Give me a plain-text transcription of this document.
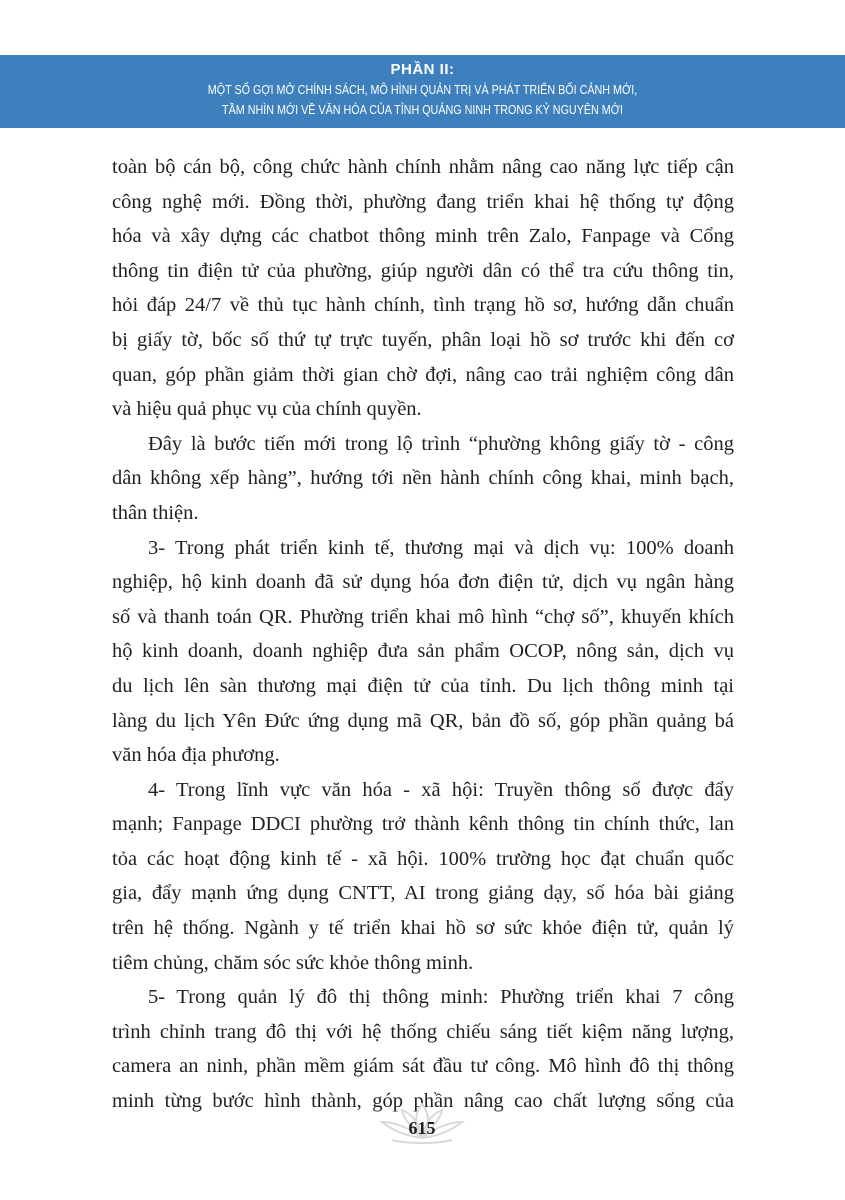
PHẦN II:
MỘT SỐ GỢI MỞ CHÍNH SÁCH, MÔ HÌNH QUẢN TRỊ VÀ PHÁT TRIỂN BỐI CẢNH MỚI,
TẦM NHÌN MỚI VỀ VĂN HÓA CỦA TỈNH QUẢNG NINH TRONG KỶ NGUYÊN MỚI
toàn bộ cán bộ, công chức hành chính nhằm nâng cao năng lực tiếp cận
công nghệ mới. Đồng thời, phường đang triển khai hệ thống tự động
hóa và xây dựng các chatbot thông minh trên Zalo, Fanpage và Cổng
thông tin điện tử của phường, giúp người dân có thể tra cứu thông tin,
hỏi đáp 24/7 về thủ tục hành chính, tình trạng hồ sơ, hướng dẫn chuẩn
bị giấy tờ, bốc số thứ tự trực tuyến, phân loại hồ sơ trước khi đến cơ
quan, góp phần giảm thời gian chờ đợi, nâng cao trải nghiệm công dân
và hiệu quả phục vụ của chính quyền.
Đây là bước tiến mới trong lộ trình “phường không giấy tờ - công
dân không xếp hàng”, hướng tới nền hành chính công khai, minh bạch,
thân thiện.
3- Trong phát triển kinh tế, thương mại và dịch vụ: 100% doanh
nghiệp, hộ kinh doanh đã sử dụng hóa đơn điện tử, dịch vụ ngân hàng
số và thanh toán QR. Phường triển khai mô hình “chợ số”, khuyến khích
hộ kinh doanh, doanh nghiệp đưa sản phẩm OCOP, nông sản, dịch vụ
du lịch lên sàn thương mại điện tử của tỉnh. Du lịch thông minh tại
làng du lịch Yên Đức ứng dụng mã QR, bản đồ số, góp phần quảng bá
văn hóa địa phương.
4- Trong lĩnh vực văn hóa - xã hội: Truyền thông số được đẩy
mạnh; Fanpage DDCI phường trở thành kênh thông tin chính thức, lan
tỏa các hoạt động kinh tế - xã hội. 100% trường học đạt chuẩn quốc
gia, đẩy mạnh ứng dụng CNTT, AI trong giảng dạy, số hóa bài giảng
trên hệ thống. Ngành y tế triển khai hồ sơ sức khỏe điện tử, quản lý
tiêm chủng, chăm sóc sức khỏe thông minh.
5- Trong quản lý đô thị thông minh: Phường triển khai 7 công
trình chỉnh trang đô thị với hệ thống chiếu sáng tiết kiệm năng lượng,
camera an ninh, phần mềm giám sát đầu tư công. Mô hình đô thị thông
minh từng bước hình thành, góp phần nâng cao chất lượng sống của
615
